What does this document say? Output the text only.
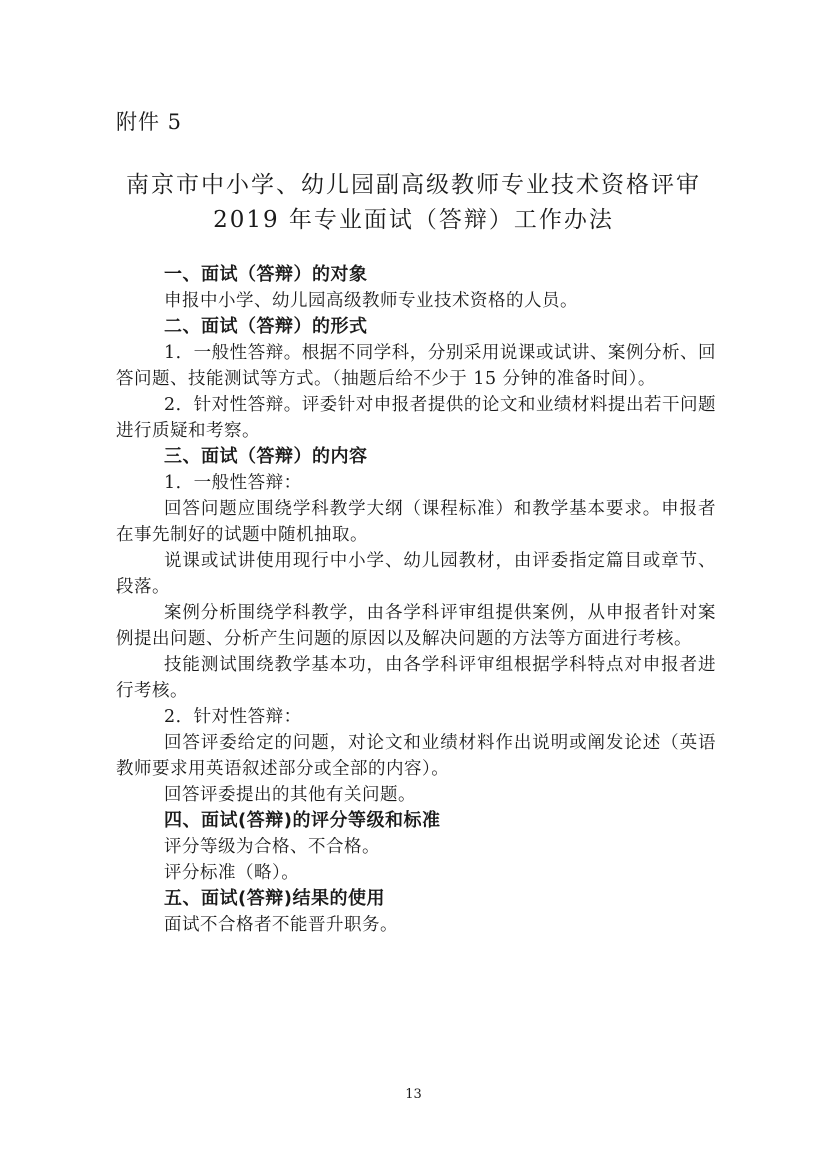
附件 5
南京市中小学、幼儿园副高级教师专业技术资格评审
2019 年专业面试（答辩）工作办法

一、面试（答辩）的对象

申报中小学、幼儿园高级教师专业技术资格的人员。

二、面试（答辩）的形式

1．一般性答辩。根据不同学科，分别采用说课或试讲、案例分析、回答问题、技能测试等方式。（抽题后给不少于 15 分钟的准备时间）。

2．针对性答辩。评委针对申报者提供的论文和业绩材料提出若干问题进行质疑和考察。

三、面试（答辩）的内容

1．一般性答辩：

回答问题应围绕学科教学大纲（课程标准）和教学基本要求。申报者在事先制好的试题中随机抽取。

说课或试讲使用现行中小学、幼儿园教材，由评委指定篇目或章节、段落。

案例分析围绕学科教学，由各学科评审组提供案例，从申报者针对案例提出问题、分析产生问题的原因以及解决问题的方法等方面进行考核。

技能测试围绕教学基本功，由各学科评审组根据学科特点对申报者进行考核。

2．针对性答辩：

回答评委给定的问题，对论文和业绩材料作出说明或阐发论述（英语教师要求用英语叙述部分或全部的内容）。

回答评委提出的其他有关问题。

四、面试(答辩)的评分等级和标准

评分等级为合格、不合格。

评分标准（略）。

五、面试(答辩)结果的使用

面试不合格者不能晋升职务。

13
